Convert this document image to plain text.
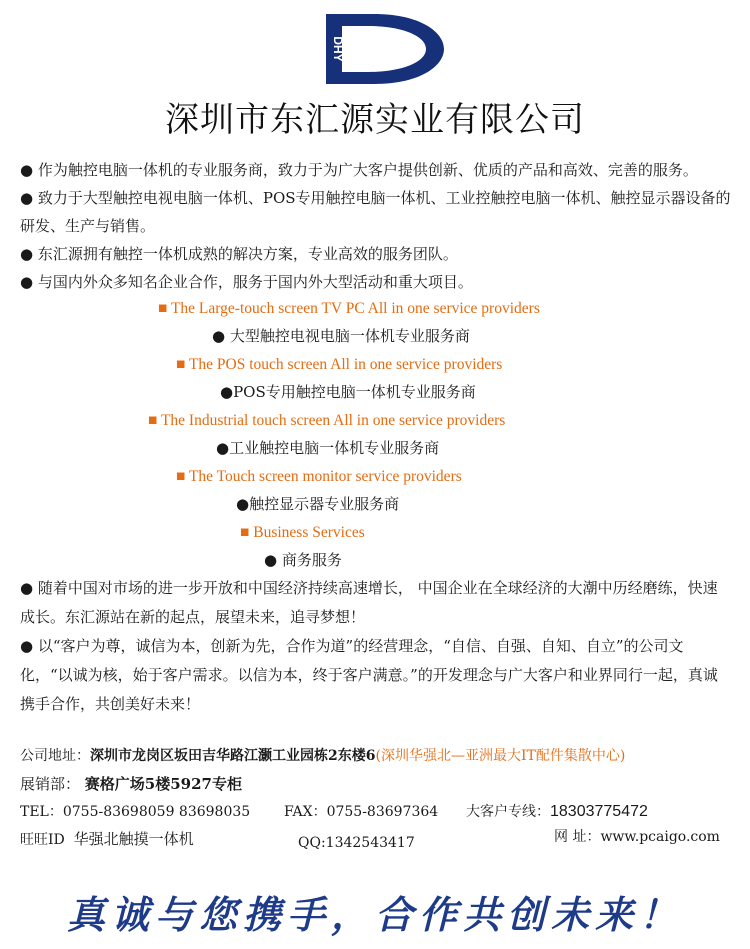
DHY
深圳市东汇源实业有限公司

● 作为触控电脑一体机的专业服务商，致力于为广大客户提供创新、优质的产品和高效、完善的服务。

● 致力于大型触控电视电脑一体机、POS专用触控电脑一体机、工业控触控电脑一体机、触控显示器设备的研发、生产与销售。

● 东汇源拥有触控一体机成熟的解决方案，专业高效的服务团队。

● 与国内外众多知名企业合作，服务于国内外大型活动和重大项目。

■ The Large-touch screen TV PC All in one service providers
● 大型触控电视电脑一体机专业服务商
■ The POS touch screen All in one service providers
●POS专用触控电脑一体机专业服务商
■ The Industrial touch screen All in one service providers
●工业触控电脑一体机专业服务商
■ The Touch screen monitor service providers
●触控显示器专业服务商
■ Business Services
● 商务服务

● 随着中国对市场的进一步开放和中国经济持续高速增长， 中国企业在全球经济的大潮中历经磨练，快速成长。东汇源站在新的起点，展望未来，追寻梦想！

● 以“客户为尊，诚信为本，创新为先，合作为道”的经营理念，“自信、自强、自知、自立”的公司文化，“以诚为核，始于客户需求。以信为本，终于客户满意。”的开发理念与广大客户和业界同行一起，真诚携手合作，共创美好未来！

公司地址：深圳市龙岗区坂田吉华路江灏工业园栋2东楼6(深圳华强北—亚洲最大IT配件集散中心)
展销部： 赛格广场5楼5927专柜
TEL：0755-83698059 83698035 FAX：0755-83697364 大客户专线：18303775472
旺旺ID 华强北触摸一体机	QQ:1342543417	网 址：www.pcaigo.com
真诚与您携手，合作共创未来！
